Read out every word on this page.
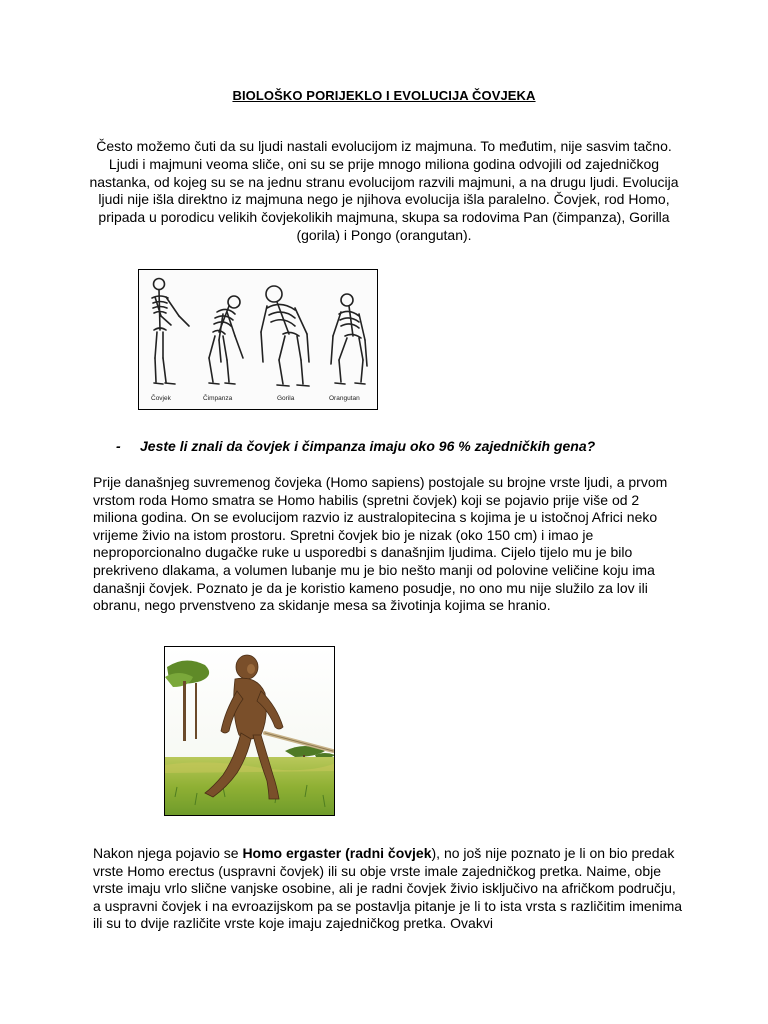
BIOLOŠKO PORIJEKLO I EVOLUCIJA ČOVJEKA
Često možemo čuti da su ljudi nastali evolucijom iz majmuna. To međutim, nije sasvim tačno. Ljudi i majmuni veoma sliče, oni su se prije mnogo miliona godina odvojili od zajedničkog nastanka, od kojeg su se na jednu stranu evolucijom razvili majmuni, a na drugu ljudi. Evolucija ljudi nije išla direktno iz majmuna nego je njihova evolucija išla paralelno. Čovjek, rod Homo, pripada u porodicu velikih čovjekolikih majmuna, skupa sa rodovima Pan (čimpanza), Gorilla (gorila) i Pongo (orangutan).
Čovjek	Čimpanza	Gorila	Orangutan
- Jeste li znali da čovjek i čimpanza imaju oko 96 % zajedničkih gena?
Prije današnjeg suvremenog čovjeka (Homo sapiens) postojale su brojne vrste ljudi, a prvom vrstom roda Homo smatra se Homo habilis (spretni čovjek) koji se pojavio prije više od 2 miliona godina. On se evolucijom razvio iz australopitecina s kojima je u istočnoj Africi neko vrijeme živio na istom prostoru. Spretni čovjek bio je nizak (oko 150 cm) i imao je neproporcionalno dugačke ruke u usporedbi s današnjim ljudima. Cijelo tijelo mu je bilo prekriveno dlakama, a volumen lubanje mu je bio nešto manji od polovine veličine koju ima današnji čovjek. Poznato je da je koristio kameno posudje, no ono mu nije služilo za lov ili obranu, nego prvenstveno za skidanje mesa sa životinja kojima se hranio.
Nakon njega pojavio se Homo ergaster (radni čovjek), no još nije poznato je li on bio predak vrste Homo erectus (uspravni čovjek) ili su obje vrste imale zajedničkog pretka. Naime, obje vrste imaju vrlo slične vanjske osobine, ali je radni čovjek živio isključivo na afričkom području, a uspravni čovjek i na evroazijskom pa se postavlja pitanje je li to ista vrsta s različitim imenima ili su to dvije različite vrste koje imaju zajedničkog pretka. Ovakvi
